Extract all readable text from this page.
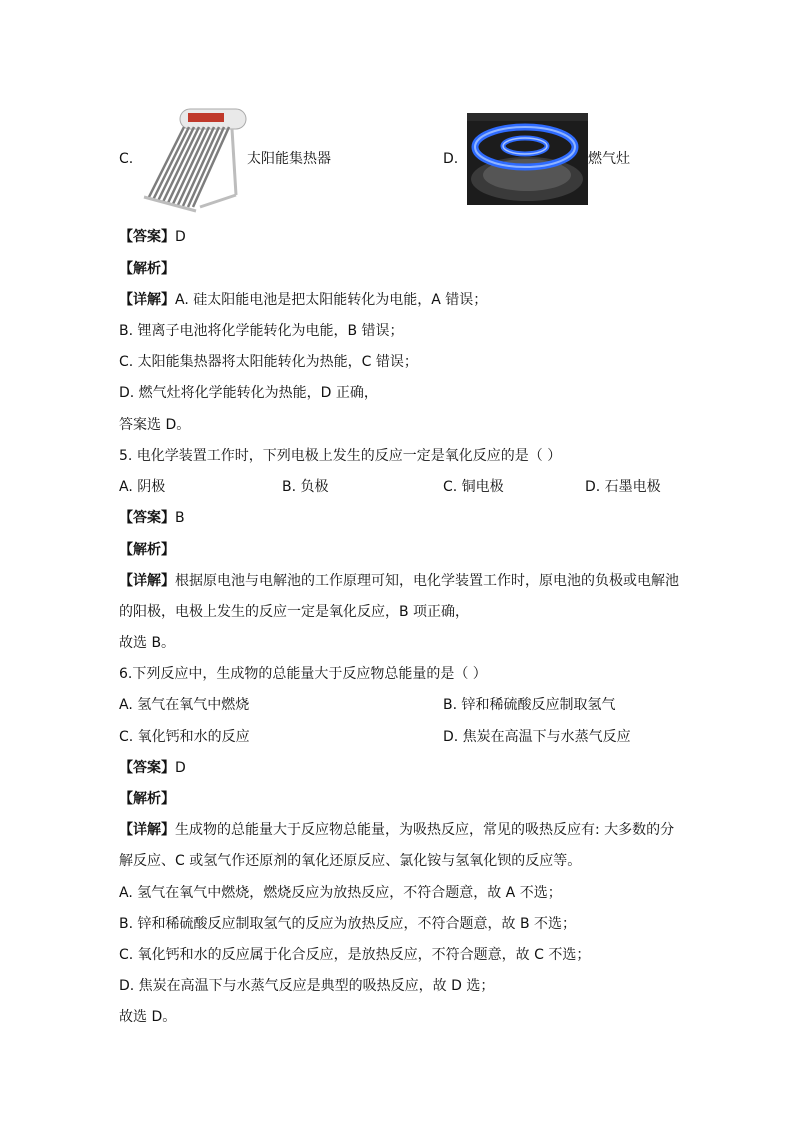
C.	太阳能集热器	D.	燃气灶
【答案】D
【解析】
【详解】A. 硅太阳能电池是把太阳能转化为电能，A 错误；
B. 锂离子电池将化学能转化为电能，B 错误；
C. 太阳能集热器将太阳能转化为热能，C 错误；
D. 燃气灶将化学能转化为热能，D 正确，
答案选 D。
5. 电化学装置工作时，下列电极上发生的反应一定是氧化反应的是（ ）
A. 阴极	B. 负极	C. 铜电极	D. 石墨电极
【答案】B
【解析】
【详解】根据原电池与电解池的工作原理可知，电化学装置工作时，原电池的负极或电解池
的阳极，电极上发生的反应一定是氧化反应，B 项正确，
故选 B。
6.下列反应中，生成物的总能量大于反应物总能量的是（ ）
A. 氢气在氧气中燃烧	B. 锌和稀硫酸反应制取氢气
C. 氧化钙和水的反应	D. 焦炭在高温下与水蒸气反应
【答案】D
【解析】
【详解】生成物的总能量大于反应物总能量，为吸热反应，常见的吸热反应有: 大多数的分
解反应、C 或氢气作还原剂的氧化还原反应、氯化铵与氢氧化钡的反应等。
A. 氢气在氧气中燃烧，燃烧反应为放热反应，不符合题意，故 A 不选；
B. 锌和稀硫酸反应制取氢气的反应为放热反应，不符合题意，故 B 不选；
C. 氧化钙和水的反应属于化合反应，是放热反应，不符合题意，故 C 不选；
D. 焦炭在高温下与水蒸气反应是典型的吸热反应，故 D 选；
故选 D。
